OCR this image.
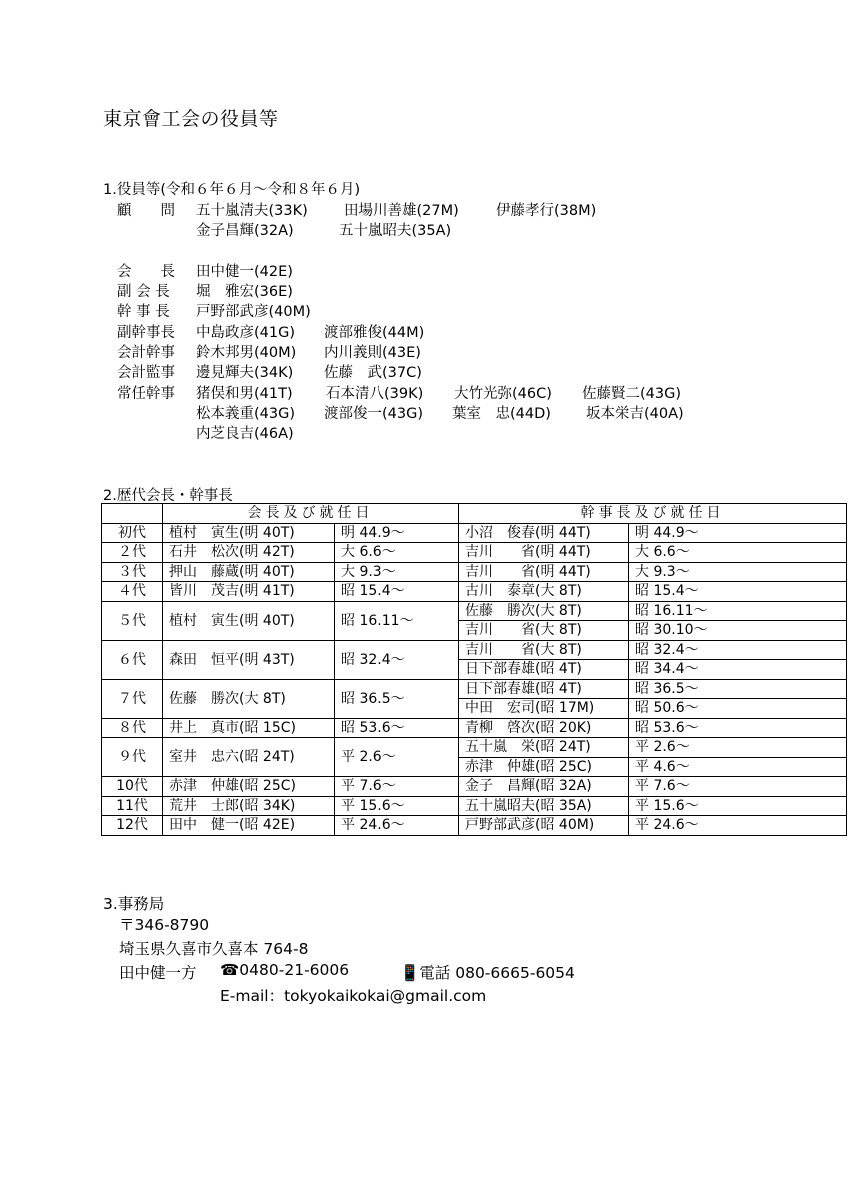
東京會工会の役員等
1.役員等(令和６年６月〜令和８年６月)
顧　　問 五十嵐清夫(33K) 田場川善雄(27M)	伊藤孝行(38M)
金子昌輝(32A)	五十嵐昭夫(35A)
会　　長 田中健一(42E)
副 会 長 堀　雅宏(36E)
幹 事 長 戸野部武彦(40M)
副幹事長 中島政彦(41G) 渡部雅俊(44M)
会計幹事 鈴木邦男(40M) 内川義則(43E)
会計監事 邊見輝夫(34K) 佐藤　武(37C)
常任幹事 猪俣和男(41T) 石本清八(39K) 大竹光弥(46C) 佐藤賢二(43G)
松本義重(43G) 渡部俊一(43G) 葉室　忠(44D) 坂本栄吉(40A)
内芝良吉(46A)
2.歴代会長・幹事長
	会長及び就任日		幹事長及び就任日	
初代	植村　寅生(明 40T)	明 44.9〜	小沼　俊春(明 44T)	明 44.9〜
２代	石井　松次(明 42T)	大 6.6〜	吉川　　省(明 44T)	大 6.6〜
３代	押山　藤蔵(明 40T)	大 9.3〜	吉川　　省(明 44T)	大 9.3〜
４代	皆川　茂吉(明 41T)	昭 15.4〜	古川　泰章(大 8T)	昭 15.4〜
５代	植村　寅生(明 40T)	昭 16.11〜	佐藤　勝次(大 8T)	昭 16.11〜
			吉川　　省(大 8T)	昭 30.10〜
６代	森田　恒平(明 43T)	昭 32.4〜	吉川　　省(大 8T)	昭 32.4〜
			日下部春雄(昭 4T)	昭 34.4〜
７代	佐藤　勝次(大 8T)	昭 36.5〜	日下部春雄(昭 4T)	昭 36.5〜
			中田　宏司(昭 17M)	昭 50.6〜
８代	井上　真市(昭 15C)	昭 53.6〜	青柳　啓次(昭 20K)	昭 53.6〜
９代	室井　忠六(昭 24T)	平 2.6〜	五十嵐　栄(昭 24T)	平 2.6〜
			赤津　仲雄(昭 25C)	平 4.6〜
10代	赤津　仲雄(昭 25C)	平 7.6〜	金子　昌輝(昭 32A)	平 7.6〜
11代	荒井　士郎(昭 34K)	平 15.6〜	五十嵐昭夫(昭 35A)	平 15.6〜
12代	田中　健一(昭 42E)	平 24.6〜	戸野部武彦(昭 40M)	平 24.6〜
3.事務局
〒346-8790
埼玉県久喜市久喜本 764-8
田中健一方 ☎0480-21-6006	📱電話 080-6665-6054
E-mail：tokyokaikokai@gmail.com
